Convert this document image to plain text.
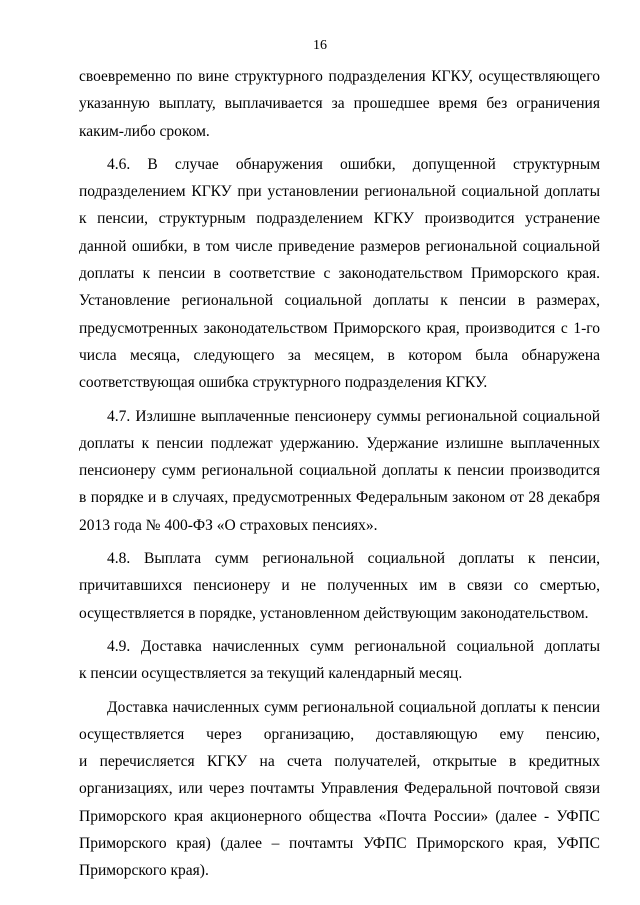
16
своевременно по вине структурного подразделения КГКУ, осуществляющего
указанную выплату, выплачивается за прошедшее время без ограничения
каким-либо сроком.
4.6. В случае обнаружения ошибки, допущенной структурным
подразделением КГКУ при установлении региональной социальной доплаты
к пенсии, структурным подразделением КГКУ производится устранение
данной ошибки, в том числе приведение размеров региональной социальной
доплаты к пенсии в соответствие с законодательством Приморского края.
Установление региональной социальной доплаты к пенсии в размерах,
предусмотренных законодательством Приморского края, производится с 1-го
числа месяца, следующего за месяцем, в котором была обнаружена
соответствующая ошибка структурного подразделения КГКУ.
4.7. Излишне выплаченные пенсионеру суммы региональной социальной
доплаты к пенсии подлежат удержанию. Удержание излишне выплаченных
пенсионеру сумм региональной социальной доплаты к пенсии производится
в порядке и в случаях, предусмотренных Федеральным законом от 28 декабря
2013 года № 400-ФЗ «О страховых пенсиях».
4.8. Выплата сумм региональной социальной доплаты к пенсии,
причитавшихся пенсионеру и не полученных им в связи со смертью,
осуществляется в порядке, установленном действующим законодательством.
4.9. Доставка начисленных сумм региональной социальной доплаты
к пенсии осуществляется за текущий календарный месяц.
Доставка начисленных сумм региональной социальной доплаты к пенсии
осуществляется через организацию, доставляющую ему пенсию,
и перечисляется КГКУ на счета получателей, открытые в кредитных
организациях, или через почтамты Управления Федеральной почтовой связи
Приморского края акционерного общества «Почта России» (далее - УФПС
Приморского края) (далее – почтамты УФПС Приморского края, УФПС
Приморского края).
